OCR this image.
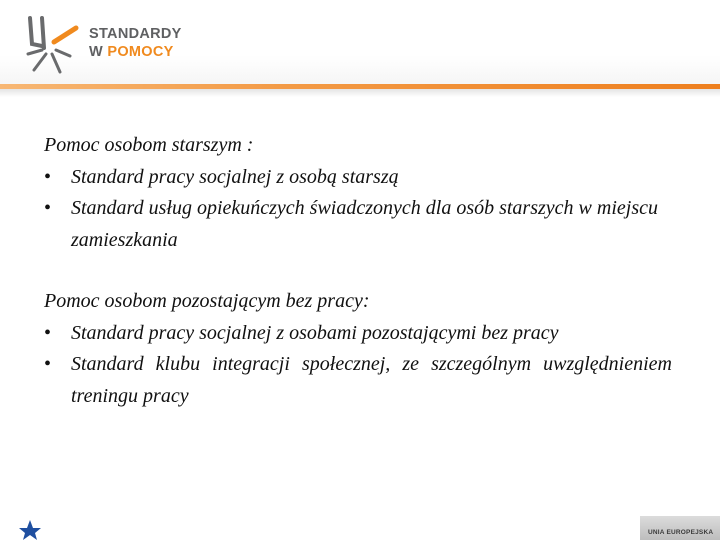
STANDARDY
W POMOCY

Pomoc osobom starszym :

• Standard pracy socjalnej z osobą starszą

• Standard usług opiekuńczych świadczonych dla osób starszych w miejscu zamieszkania

Pomoc osobom pozostającym bez pracy:

• Standard pracy socjalnej z osobami pozostającymi bez pracy

• Standard klubu integracji społecznej, ze szczególnym uwzględnieniem treningu pracy

UNIA EUROPEJSKA
